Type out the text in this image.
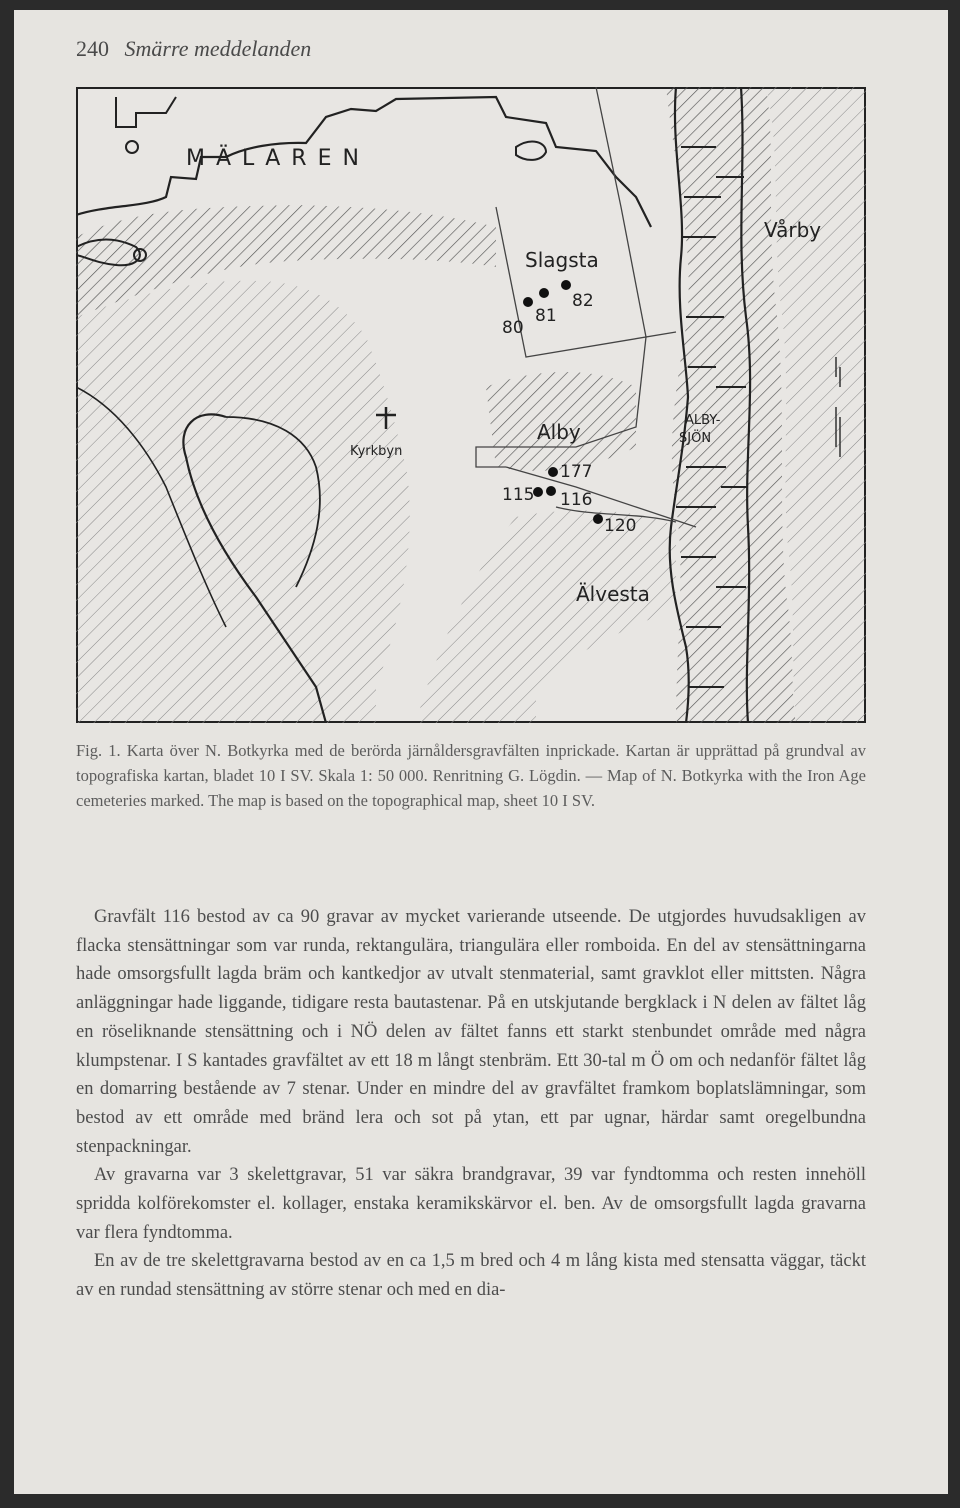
240 Smärre meddelanden
M Ä L A R E N
Vårby
Slagsta
Alby	ALBY-
SJÖN
Kyrkbyn
Älvesta
80
81
82
115
177
116
120

Fig. 1. Karta över N. Botkyrka med de berörda järnåldersgravfälten inprickade. Kartan är upprättad på grundval av topografiska kartan, bladet 10 I SV. Skala 1: 50 000. Renritning G. Lögdin. — Map of N. Botkyrka with the Iron Age cemeteries marked. The map is based on the topographical map, sheet 10 I SV.

Gravfält 116 bestod av ca 90 gravar av mycket varierande utseende. De utgjordes huvudsakligen av flacka stensättningar som var runda, rektangulära, triangulära eller romboida. En del av stensättningarna hade omsorgsfullt lagda bräm och kantkedjor av utvalt stenmaterial, samt gravklot eller mittsten. Några anläggningar hade liggande, tidigare resta bautastenar. På en utskjutande bergklack i N delen av fältet låg en röseliknande stensättning och i NÖ delen av fältet fanns ett starkt stenbundet område med några klumpstenar. I S kantades gravfältet av ett 18 m långt stenbräm. Ett 30-tal m Ö om och nedanför fältet låg en domarring bestående av 7 stenar. Under en mindre del av gravfältet framkom boplatslämningar, som bestod av ett område med bränd lera och sot på ytan, ett par ugnar, härdar samt oregelbundna stenpackningar.

Av gravarna var 3 skelettgravar, 51 var säkra brandgravar, 39 var fyndtomma och resten innehöll spridda kolförekomster el. kollager, enstaka keramikskärvor el. ben. Av de omsorgsfullt lagda gravarna var flera fyndtomma.

En av de tre skelettgravarna bestod av en ca 1,5 m bred och 4 m lång kista med stensatta väggar, täckt av en rundad stensättning av större stenar och med en dia-
